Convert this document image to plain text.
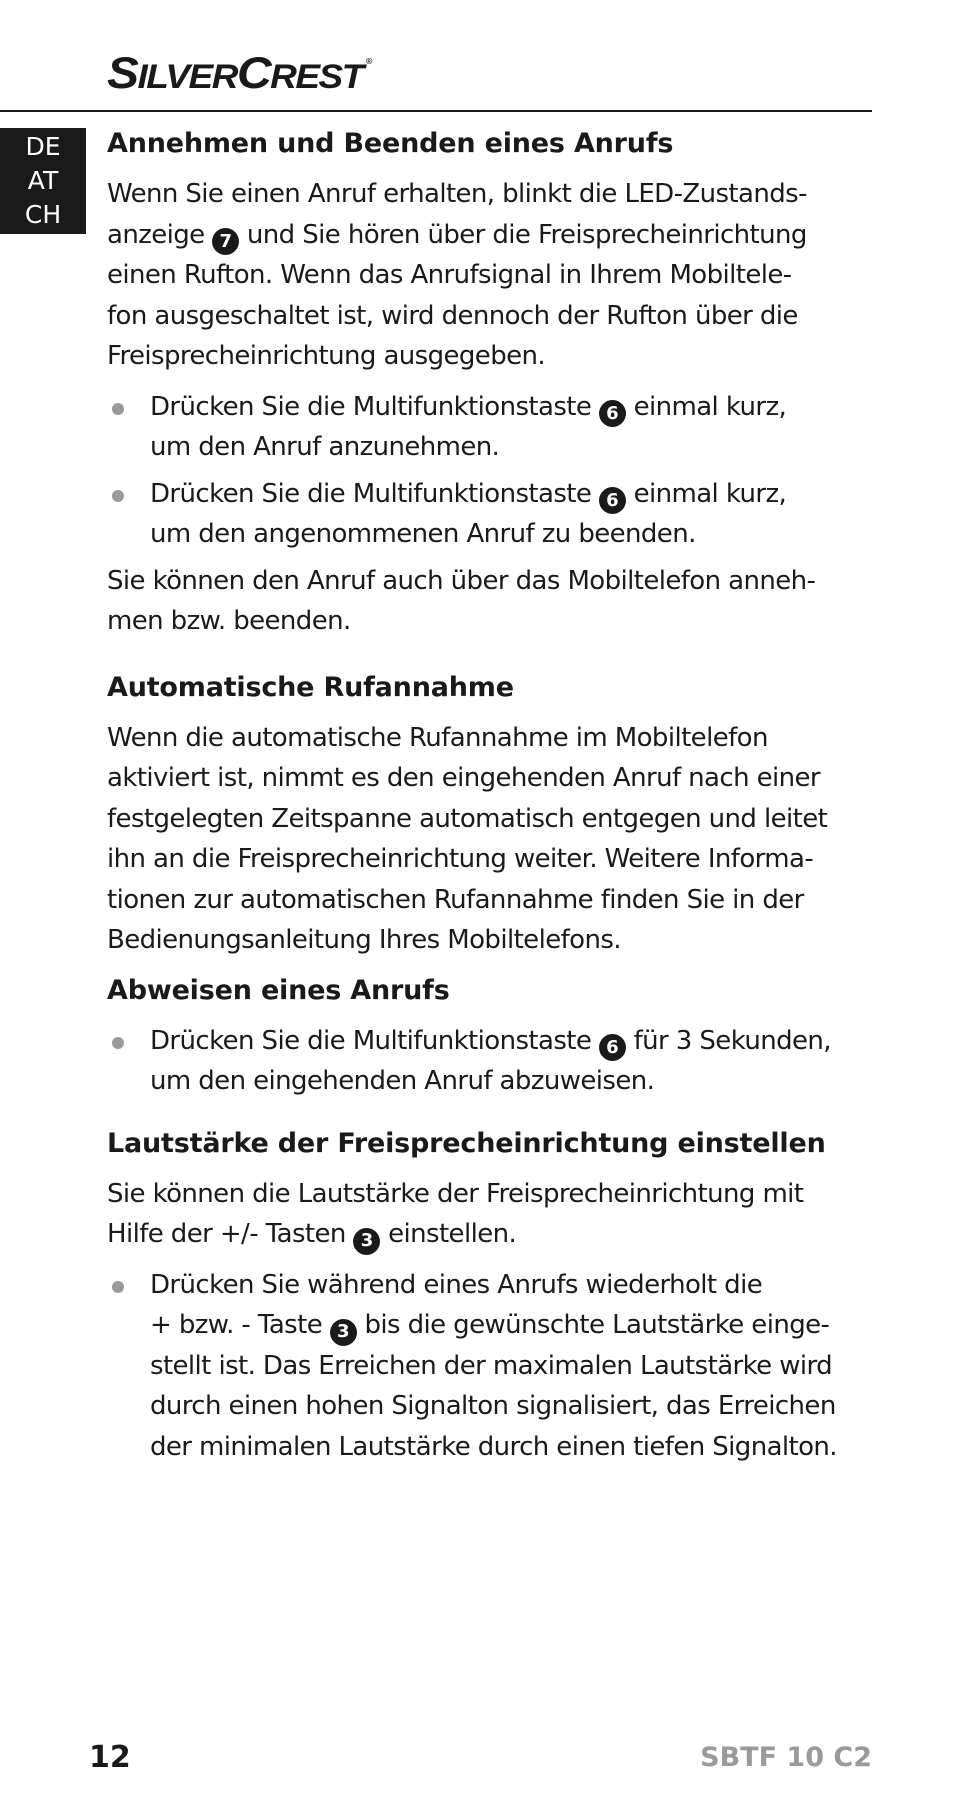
SILVERCREST ®
DE
AT
CH
Annehmen und Beenden eines Anrufs

Wenn Sie einen Anruf erhalten, blinkt die LED-Zustands-

anzeige 7 und Sie hören über die Freisprecheinrichtung

einen Rufton. Wenn das Anrufsignal in Ihrem Mobiltele-

fon ausgeschaltet ist, wird dennoch der Rufton über die

Freisprecheinrichtung ausgegeben.

Drücken Sie die Multifunktionstaste 6 einmal kurz,
um den Anruf anzunehmen.
Drücken Sie die Multifunktionstaste 6 einmal kurz,
um den angenommenen Anruf zu beenden.

Sie können den Anruf auch über das Mobiltelefon anneh-

men bzw. beenden.

Automatische Rufannahme

Wenn die automatische Rufannahme im Mobiltelefon

aktiviert ist, nimmt es den eingehenden Anruf nach einer

festgelegten Zeitspanne automatisch entgegen und leitet

ihn an die Freisprecheinrichtung weiter. Weitere Informa-

tionen zur automatischen Rufannahme finden Sie in der

Bedienungsanleitung Ihres Mobiltelefons.

Abweisen eines Anrufs
Drücken Sie die Multifunktionstaste 6 für 3 Sekunden,
um den eingehenden Anruf abzuweisen.
Lautstärke der Freisprecheinrichtung einstellen

Sie können die Lautstärke der Freisprecheinrichtung mit

Hilfe der +/- Tasten 3 einstellen.

Drücken Sie während eines Anrufs wiederholt die
+ bzw. - Taste 3 bis die gewünschte Lautstärke einge-
stellt ist. Das Erreichen der maximalen Lautstärke wird
durch einen hohen Signalton signalisiert, das Erreichen
der minimalen Lautstärke durch einen tiefen Signalton.
12	SBTF 10 C2
